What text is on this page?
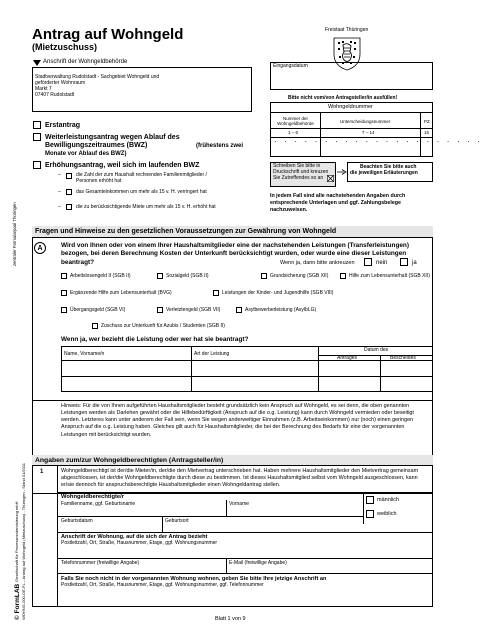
Antrag auf Wohngeld
(Mietzuschuss)
Freistaat Thüringen
Anschrift der Wohngeldbehörde
Stadtverwaltung Rudolstadt - Sachgebiet Wohngeld und
geförderter Wohnraum
Markt 7
07407 Rudolstadt
Eingangsdatum
Bitte nicht vom/von Antragsteller/in ausfüllen!
Wohngeldnummer
Nummer der Wohngeldbehörde	Unterscheidungsnummer	PZ
1 – 6	7 – 14	15
·····················
Erstantrag
Weiterleistungsantrag wegen Ablauf des
Bewilligungszeitraumes (BWZ)	(frühestens zwei
Monate vor Ablauf des BWZ)
Erhöhungsantrag, weil sich im laufenden BWZ
–	die Zahl der zum Haushalt rechnenden Familienmitglieder /
Personen erhöht hat
–	das Gesamteinkommen um mehr als 15 v. H. verringert hat
–	die zu berücksichtigende Miete um mehr als 15 v. H. erhöht hat
Schreiben Sie bitte in
Druckschrift und kreuzen
Sie Zutreffendes so an
Beachten Sie bitte auch
die jeweiligen Erläuterungen
In jedem Fall sind alle nachstehenden Angaben durch entsprechende Unterlagen und ggf. Zahlungsbelege nachzuweisen.
Fragen und Hinweise zu den gesetzlichen Voraussetzungen zur Gewährung von Wohngeld
A	Wird von Ihnen oder von einem Ihrer Haushaltsmitglieder eine der nachstehenden Leistungen (Transferleistungen) bezogen, bei deren Berechnung Kosten der Unterkunft berücksichtigt wurden, oder wurde eine dieser Leistungen beantragt?	Wenn ja, dann bitte ankreuzen	nein	ja
Arbeitslosengeld II (SGB II)	Sozialgeld (SGB II)	Grundsicherung (SGB XII)	Hilfe zum Lebensunterhalt (SGB XII)
Ergänzende Hilfe zum Lebensunterhalt (BVG)	Leistungen der Kinder- und Jugendhilfe (SGB VIII)
Übergangsgeld (SGB VI)	Verletztengeld (SGB VII)	Asylbewerberleistung (AsylbLG)
Zuschuss zur Unterkunft für Azubis / Studenten (SGB II)
Wenn ja, wer bezieht die Leistung oder wer hat sie beantragt?
Name, Vorname/n	Art der Leistung
Datum des
Antrages	Bescheides
Hinweis: Für die von Ihnen aufgeführten Haushaltsmitglieder besteht grundsätzlich kein Anspruch auf Wohngeld, es sei denn, die oben genannten Leistungen werden als Darlehen gewährt oder die Hilfebedürftigkeit (Anspruch auf die o.g. Leistung) kann durch Wohngeld vermieden oder beseitigt werden. Letzteres kann unter anderem der Fall sein, wenn Sie wegen anderweitiger Einnahmen (z.B. Arbeitseinkommen) nur (noch) einen geringen Anspruch auf die o.g. Leistung haben. Gleiches gilt auch für Haushaltsmitglieder, die bei der Berechnung des Bedarfs für eine der vorgenannten Leistungen mit berücksichtigt wurden.
Angaben zum/zur Wohngeldberechtigten (Antragsteller/in)
1	Wohngeldberechtigt ist der/die Mieter/in, der/die den Mietvertrag unterschrieben hat. Haben mehrere Haushaltsmitglieder den Mietvertrag gemeinsam abgeschlossen, ist der/die Wohngeldberechtigte durch diese zu bestimmen. Ist dieses Haushaltsmitglied selbst vom Wohngeld ausgeschlossen, kann er/sie dennoch für anspruchsberechtigte Haushaltsmitglieder einen Wohngeldantrag stellen.
Wohngeldberechtigte/r
Familienname, ggf. Geburtsname	Vorname
männlich
weiblich
Geburtsdatum	Geburtsort
Anschrift der Wohnung, auf die sich der Antrag bezieht
Postleitzahl, Ort, Straße, Hausnummer, Etage, ggf. Wohnungsnummer
Telefonnummer (freiwillige Angabe)	E-Mail (freiwillige Angabe)
Falls Sie noch nicht in der vorgenannten Wohnung wohnen, geben Sie bitte Ihre jetzige Anschrift an
Postleitzahl, Ort, Straße, Hausnummer, Etage, ggf. Wohnungsnummer, ggf. Telefonnummer
Blatt 1 von 9
zentraler Formularpool Thüringen
© FormLAB
Gesellschaft für Prozessmodernisierung mbH WOHNG-000-DE-FL – Antrag auf Wohngeld (Mietzuschuss) - Thüringen - Stand 01/2011
